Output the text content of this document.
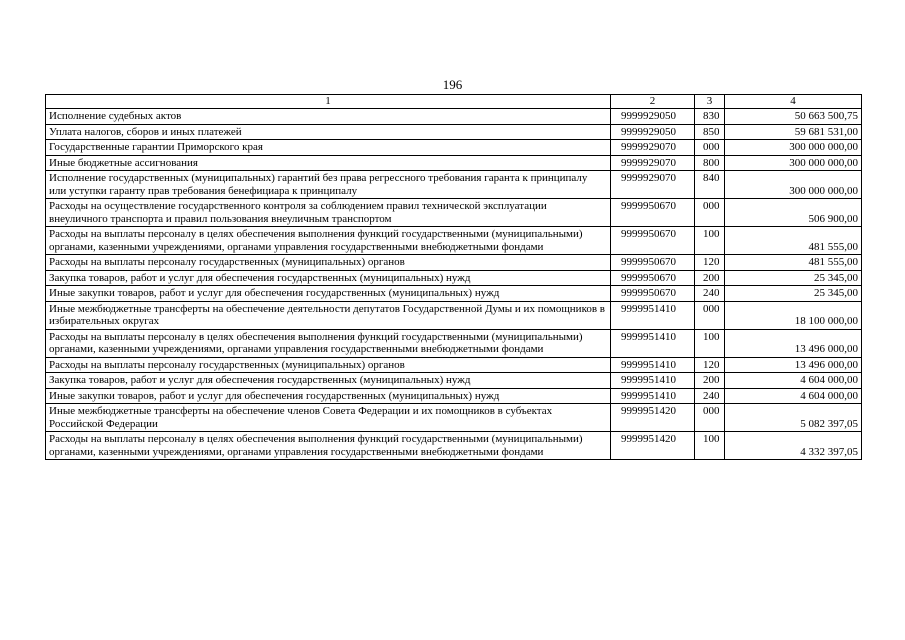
196
1	2	3	4
Исполнение судебных актов	9999929050	830	50 663 500,75
Уплата налогов, сборов и иных платежей	9999929050	850	59 681 531,00
Государственные гарантии Приморского края	9999929070	000	300 000 000,00
Иные бюджетные ассигнования	9999929070	800	300 000 000,00
Исполнение государственных (муниципальных) гарантий без права регрессного требования гаранта к принципалу или уступки гаранту прав требования бенефициара к принципалу	9999929070	840	300 000 000,00
Расходы на осуществление государственного контроля за соблюдением правил технической эксплуатации внеуличного транспорта и правил пользования внеуличным транспортом	9999950670	000	506 900,00
Расходы на выплаты персоналу в целях обеспечения выполнения функций государственными (муниципальными) органами, казенными учреждениями, органами управления государственными внебюджетными фондами	9999950670	100	481 555,00
Расходы на выплаты персоналу государственных (муниципальных) органов	9999950670	120	481 555,00
Закупка товаров, работ и услуг для обеспечения государственных (муниципальных) нужд	9999950670	200	25 345,00
Иные закупки товаров, работ и услуг для обеспечения государственных (муниципальных) нужд	9999950670	240	25 345,00
Иные межбюджетные трансферты на обеспечение деятельности депутатов Государственной Думы и их помощников в избирательных округах	9999951410	000	18 100 000,00
Расходы на выплаты персоналу в целях обеспечения выполнения функций государственными (муниципальными) органами, казенными учреждениями, органами управления государственными внебюджетными фондами	9999951410	100	13 496 000,00
Расходы на выплаты персоналу государственных (муниципальных) органов	9999951410	120	13 496 000,00
Закупка товаров, работ и услуг для обеспечения государственных (муниципальных) нужд	9999951410	200	4 604 000,00
Иные закупки товаров, работ и услуг для обеспечения государственных (муниципальных) нужд	9999951410	240	4 604 000,00
Иные межбюджетные трансферты на обеспечение членов Совета Федерации и их помощников в субъектах Российской Федерации	9999951420	000	5 082 397,05
Расходы на выплаты персоналу в целях обеспечения выполнения функций государственными (муниципальными) органами, казенными учреждениями, органами управления государственными внебюджетными фондами	9999951420	100	4 332 397,05
